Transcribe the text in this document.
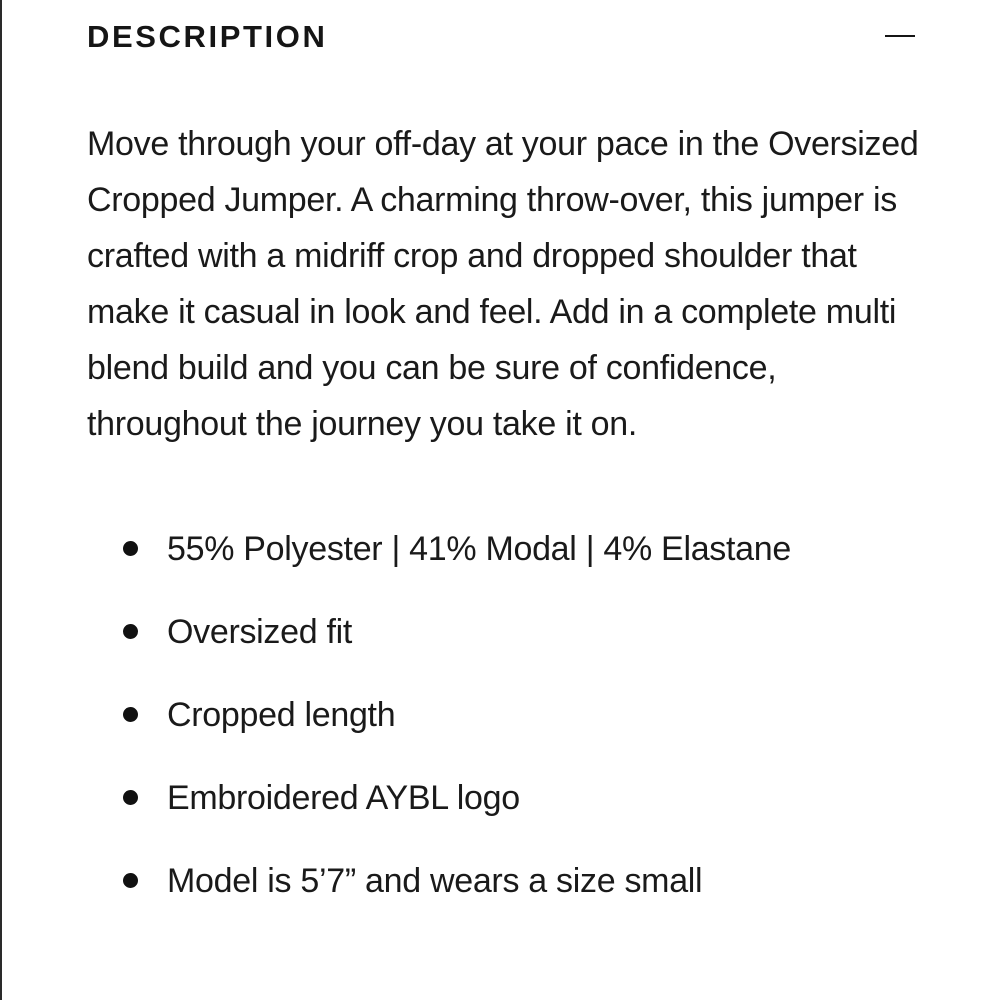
DESCRIPTION

Move through your off-day at your pace in the Oversized Cropped Jumper. A charming throw-over, this jumper is crafted with a midriff crop and dropped shoulder that make it casual in look and feel. Add in a complete multi blend build and you can be sure of confidence, throughout the journey you take it on.

55% Polyester | 41% Modal | 4% Elastane
Oversized fit
Cropped length
Embroidered AYBL logo
Model is 5’7” and wears a size small
